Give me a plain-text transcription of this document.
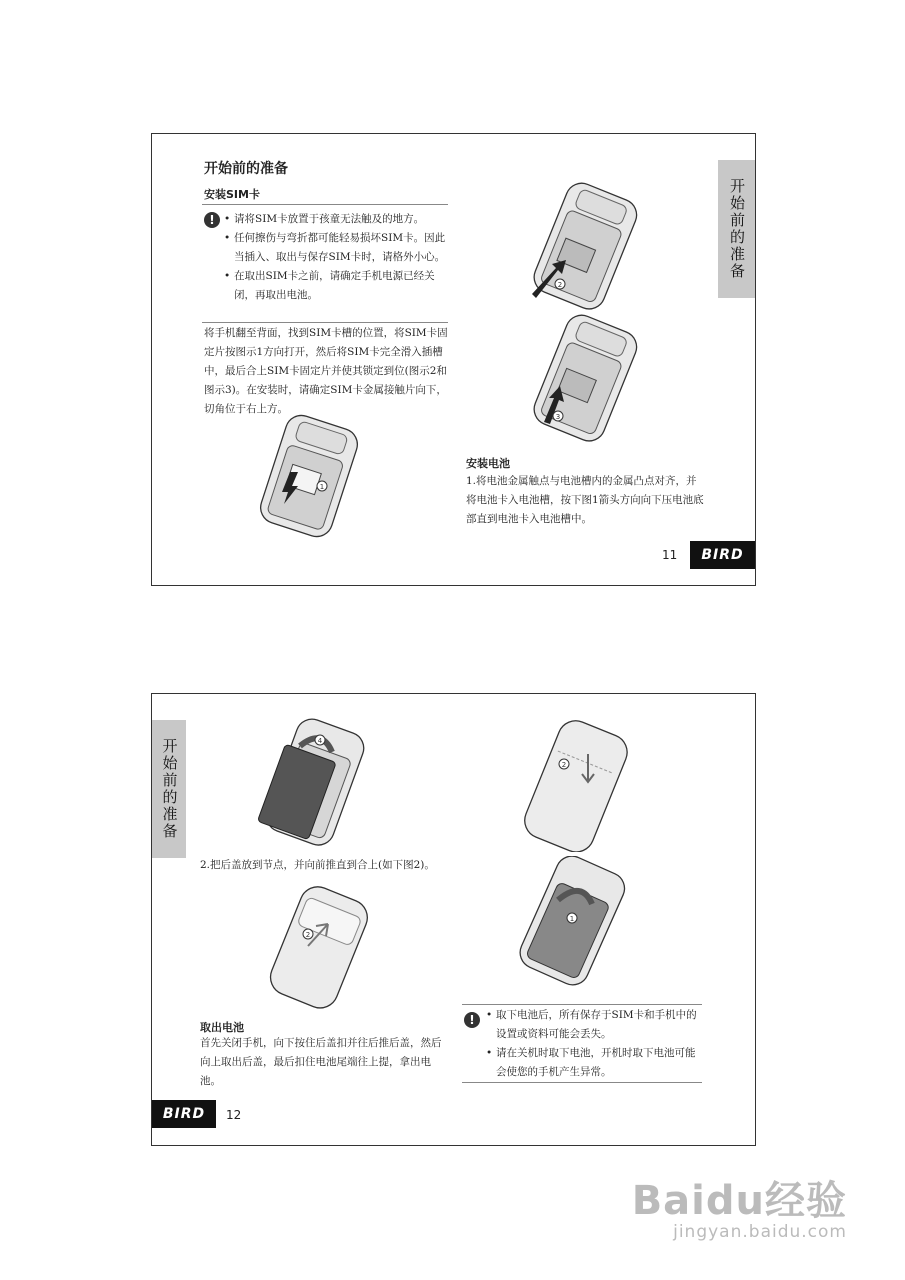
开始前的准备
开始前的准备
安装SIM卡
!	• 请将SIM卡放置于孩童无法触及的地方。
• 任何擦伤与弯折都可能轻易损坏SIM卡。因此当插入、取出与保存SIM卡时，请格外小心。
• 在取出SIM卡之前，请确定手机电源已经关闭，再取出电池。
将手机翻至背面，找到SIM卡槽的位置，将SIM卡固定片按图示1方向打开，然后将SIM卡完全滑入插槽中，最后合上SIM卡固定片并使其锁定到位(图示2和图示3)。在安装时，请确定SIM卡金属接触片向下，切角位于右上方。
1
2
3
安装电池
1.将电池金属触点与电池槽内的金属凸点对齐，并将电池卡入电池槽，按下图1箭头方向向下压电池底部直到电池卡入电池槽中。
11	BIRD
开始前的准备	4
2.把后盖放到节点，并向前推直到合上(如下图2)。
2
取出电池
首先关闭手机，向下按住后盖扣并往后推后盖，然后向上取出后盖，最后扣住电池尾端往上提，拿出电池。
2
1
!	• 取下电池后，所有保存于SIM卡和手机中的设置或资料可能会丢失。
• 请在关机时取下电池，开机时取下电池可能会使您的手机产生异常。
BIRD	12
Baidu经验
jingyan.baidu.com
